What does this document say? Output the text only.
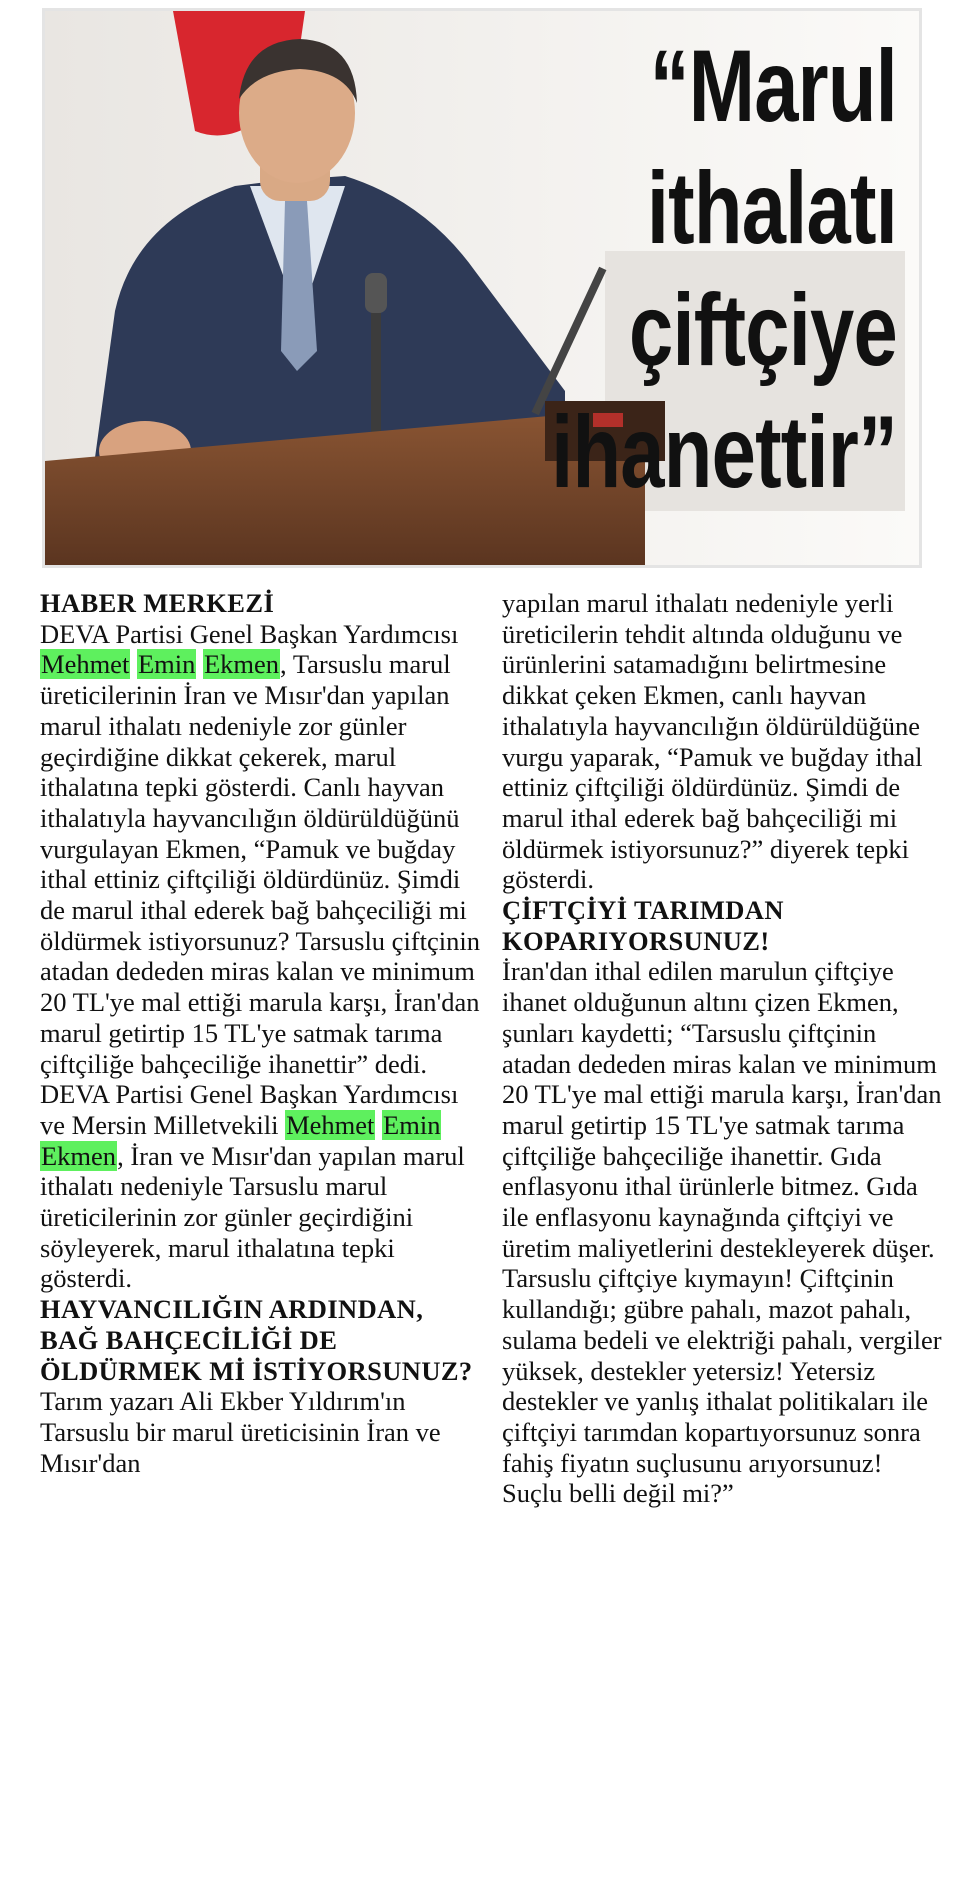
“Marul
ithalatı
çiftçiye
ihanettir”

HABER MERKEZİ

DEVA Partisi Genel Başkan Yardımcısı Mehmet Emin Ekmen, Tarsuslu marul üreticilerinin İran ve Mısır'dan yapılan marul ithalatı nedeniyle zor günler geçirdiğine dikkat çekerek, marul ithalatına tepki gösterdi. Canlı hayvan ithalatıyla hayvancılığın öldürüldüğünü vurgulayan Ekmen, “Pamuk ve buğday ithal ettiniz çiftçiliği öldürdünüz. Şimdi de marul ithal ederek bağ bahçeciliği mi öldürmek istiyorsunuz? Tarsuslu çiftçinin atadan dededen miras kalan ve minimum 20 TL'ye mal ettiği marula karşı, İran'dan marul getirtip 15 TL'ye satmak tarıma çiftçiliğe bahçeciliğe ihanettir” dedi.

DEVA Partisi Genel Başkan Yardımcısı ve Mersin Milletvekili Mehmet Emin Ekmen, İran ve Mısır'dan yapılan marul ithalatı nedeniyle Tarsuslu marul üreticilerinin zor günler geçirdiğini söyleyerek, marul ithalatına tepki gösterdi.

HAYVANCILIĞIN ARDINDAN, BAĞ BAHÇECİLİĞİ DE ÖLDÜRMEK Mİ İSTİYORSUNUZ?

Tarım yazarı Ali Ekber Yıldırım'ın Tarsuslu bir marul üreticisinin İran ve Mısır'dan

yapılan marul ithalatı nedeniyle yerli üreticilerin tehdit altında olduğunu ve ürünlerini satamadığını belirtmesine dikkat çeken Ekmen, canlı hayvan ithalatıyla hayvancılığın öldürüldüğüne vurgu yaparak, “Pamuk ve buğday ithal ettiniz çiftçiliği öldürdünüz. Şimdi de marul ithal ederek bağ bahçeciliği mi öldürmek istiyorsunuz?” diyerek tepki gösterdi.

ÇİFTÇİYİ TARIMDAN KOPARIYORSUNUZ!

İran'dan ithal edilen marulun çiftçiye ihanet olduğunun altını çizen Ekmen, şunları kaydetti; “Tarsuslu çiftçinin atadan dededen miras kalan ve minimum 20 TL'ye mal ettiği marula karşı, İran'dan marul getirtip 15 TL'ye satmak tarıma çiftçiliğe bahçeciliğe ihanettir. Gıda enflasyonu ithal ürünlerle bitmez. Gıda ile enflasyonu kaynağında çiftçiyi ve üretim maliyetlerini destekleyerek düşer. Tarsuslu çiftçiye kıymayın! Çiftçinin kullandığı; gübre pahalı, mazot pahalı, sulama bedeli ve elektriği pahalı, vergiler yüksek, destekler yetersiz! Yetersiz destekler ve yanlış ithalat politikaları ile çiftçiyi tarımdan kopartıyorsunuz sonra fahiş fiyatın suçlusunu arıyorsunuz! Suçlu belli değil mi?”
